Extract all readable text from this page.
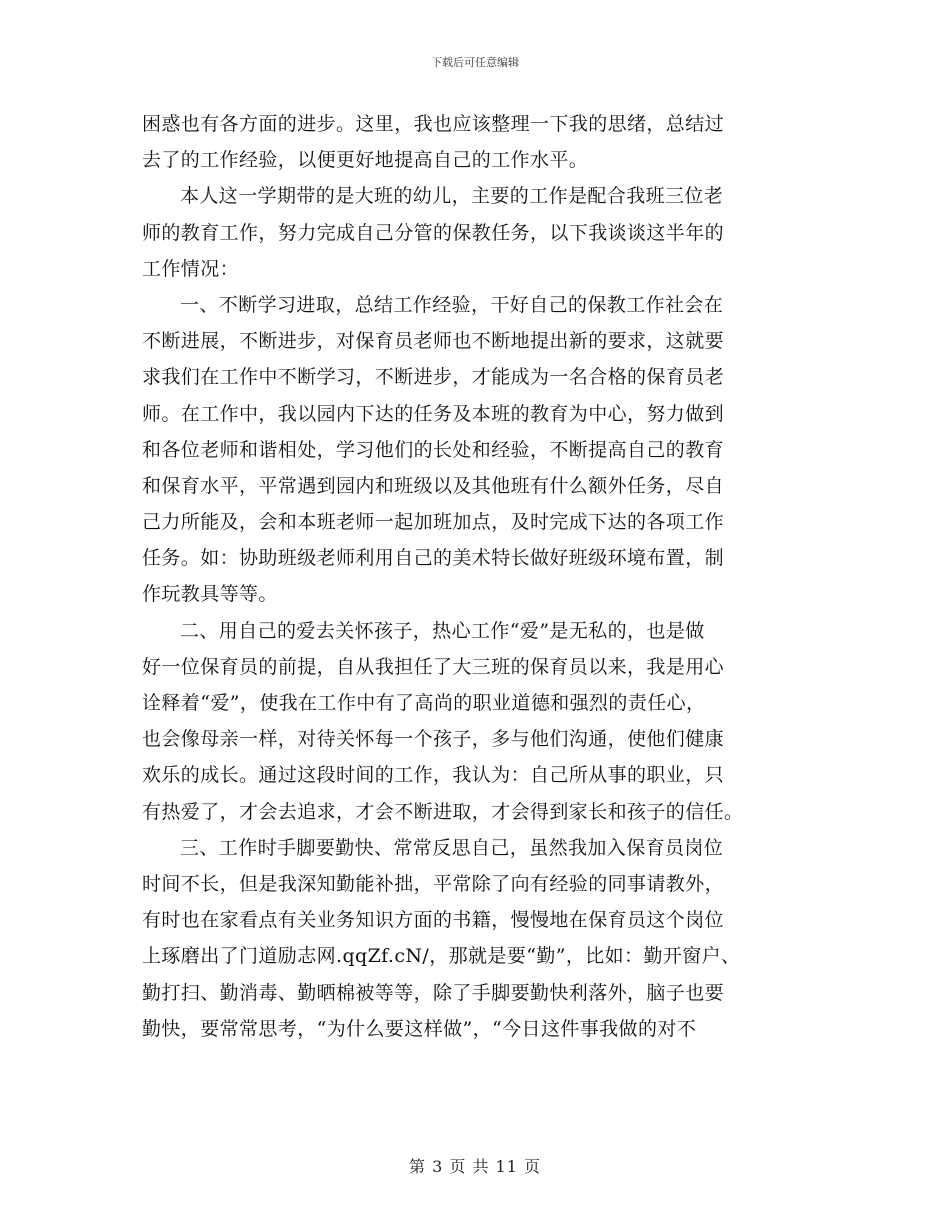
下载后可任意编辑
困惑也有各方面的进步。这里，我也应该整理一下我的思绪，总结过
去了的工作经验，以便更好地提高自己的工作水平。
本人这一学期带的是大班的幼儿，主要的工作是配合我班三位老
师的教育工作，努力完成自己分管的保教任务，以下我谈谈这半年的
工作情况：
一、不断学习进取，总结工作经验，干好自己的保教工作社会在
不断进展，不断进步，对保育员老师也不断地提出新的要求，这就要
求我们在工作中不断学习，不断进步，才能成为一名合格的保育员老
师。在工作中，我以园内下达的任务及本班的教育为中心，努力做到
和各位老师和谐相处，学习他们的长处和经验，不断提高自己的教育
和保育水平，平常遇到园内和班级以及其他班有什么额外任务，尽自
己力所能及，会和本班老师一起加班加点，及时完成下达的各项工作
任务。如：协助班级老师利用自己的美术特长做好班级环境布置，制
作玩教具等等。
二、用自己的爱去关怀孩子，热心工作“爱”是无私的，也是做
好一位保育员的前提，自从我担任了大三班的保育员以来，我是用心
诠释着“爱”，使我在工作中有了高尚的职业道德和强烈的责任心，
也会像母亲一样，对待关怀每一个孩子，多与他们沟通，使他们健康
欢乐的成长。通过这段时间的工作，我认为：自己所从事的职业，只
有热爱了，才会去追求，才会不断进取，才会得到家长和孩子的信任。
三、工作时手脚要勤快、常常反思自己，虽然我加入保育员岗位
时间不长，但是我深知勤能补拙，平常除了向有经验的同事请教外，
有时也在家看点有关业务知识方面的书籍，慢慢地在保育员这个岗位
上琢磨出了门道励志网.qqZf.cN/，那就是要“勤”，比如：勤开窗户、
勤打扫、勤消毒、勤晒棉被等等，除了手脚要勤快利落外，脑子也要
勤快，要常常思考，“为什么要这样做”，“今日这件事我做的对不
第 3 页 共 11 页
